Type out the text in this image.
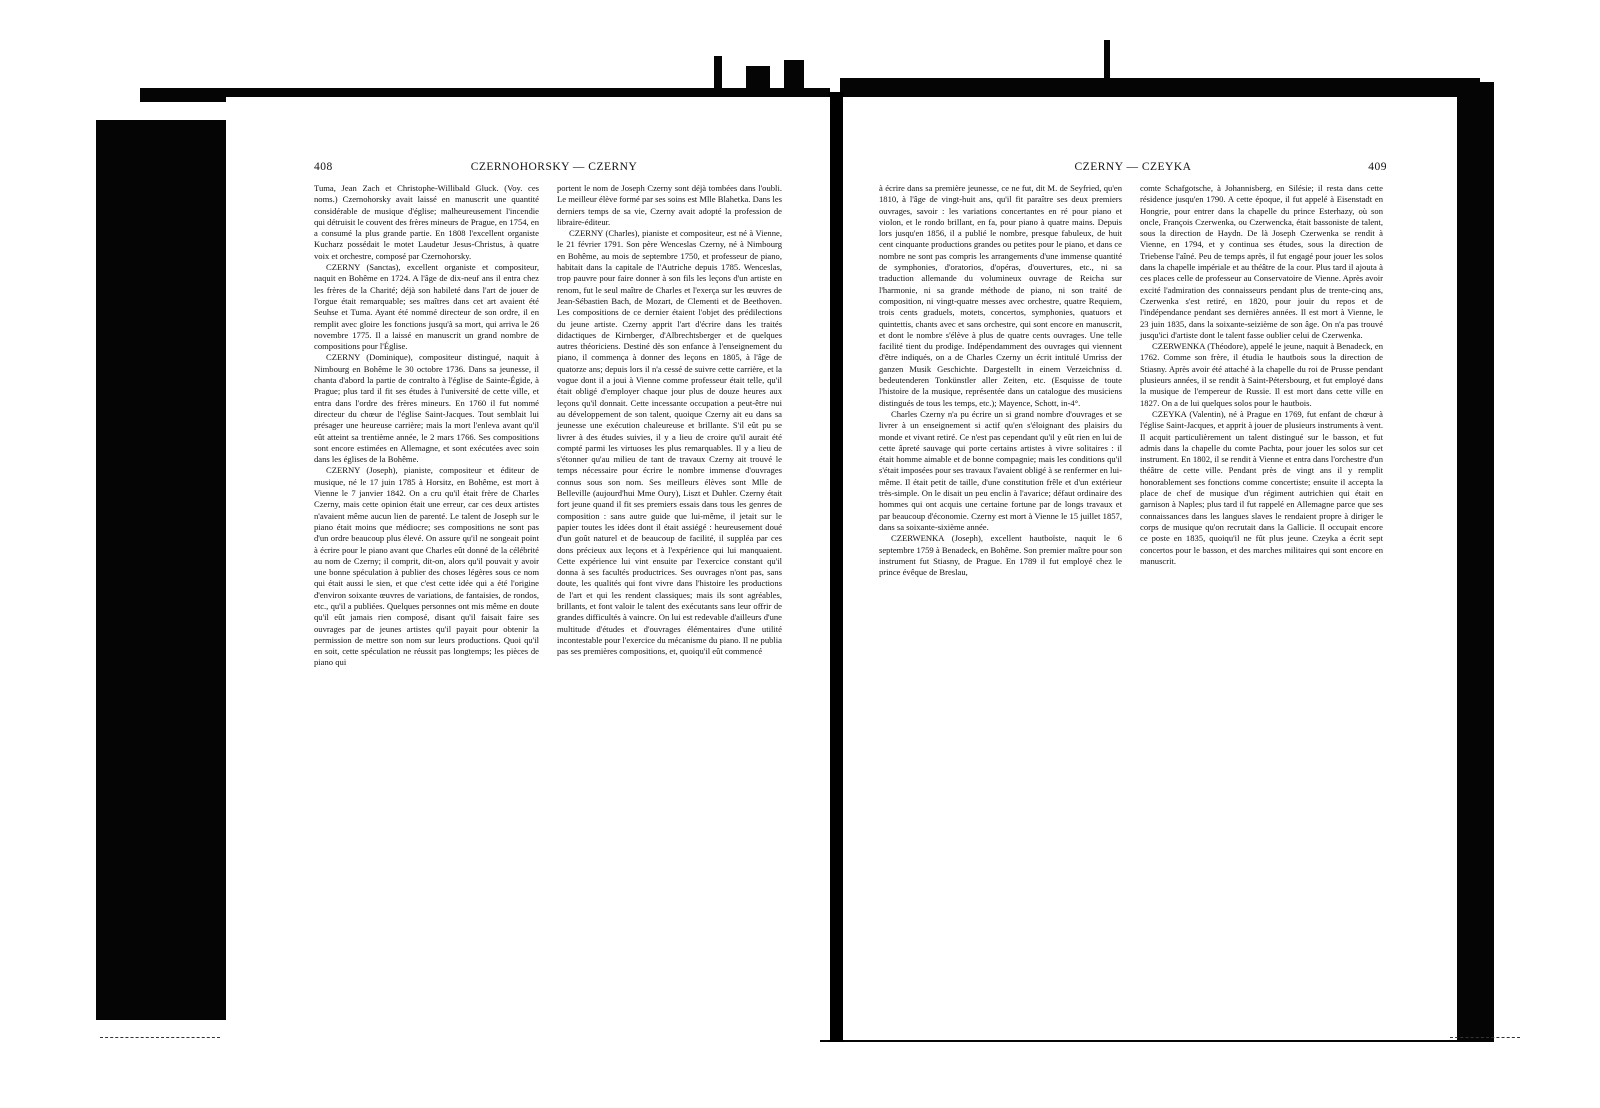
408	CZERNOHORSKY — CZERNY

Tuma, Jean Zach et Christophe-Willibald Gluck. (Voy. ces noms.) Czernohorsky avait laissé en manuscrit une quantité considérable de musique d'église; malheureusement l'incendie qui détruisit le couvent des frères mineurs de Prague, en 1754, en a consumé la plus grande partie. En 1808 l'excellent organiste Kucharz possédait le motet Laudetur Jesus-Christus, à quatre voix et orchestre, composé par Czernohorsky.

CZERNY (Sanctas), excellent organiste et compositeur, naquit en Bohême en 1724. A l'âge de dix-neuf ans il entra chez les frères de la Charité; déjà son habileté dans l'art de jouer de l'orgue était remarquable; ses maîtres dans cet art avaient été Seuhse et Tuma. Ayant été nommé directeur de son ordre, il en remplit avec gloire les fonctions jusqu'à sa mort, qui arriva le 26 novembre 1775. Il a laissé en manuscrit un grand nombre de compositions pour l'Église.

CZERNY (Dominique), compositeur distingué, naquit à Nimbourg en Bohême le 30 octobre 1736. Dans sa jeunesse, il chanta d'abord la partie de contralto à l'église de Sainte-Égide, à Prague; plus tard il fit ses études à l'université de cette ville, et entra dans l'ordre des frères mineurs. En 1760 il fut nommé directeur du chœur de l'église Saint-Jacques. Tout semblait lui présager une heureuse carrière; mais la mort l'enleva avant qu'il eût atteint sa trentième année, le 2 mars 1766. Ses compositions sont encore estimées en Allemagne, et sont exécutées avec soin dans les églises de la Bohême.

CZERNY (Joseph), pianiste, compositeur et éditeur de musique, né le 17 juin 1785 à Horsitz, en Bohême, est mort à Vienne le 7 janvier 1842. On a cru qu'il était frère de Charles Czerny, mais cette opinion était une erreur, car ces deux artistes n'avaient même aucun lien de parenté. Le talent de Joseph sur le piano était moins que médiocre; ses compositions ne sont pas d'un ordre beaucoup plus élevé. On assure qu'il ne songeait point à écrire pour le piano avant que Charles eût donné de la célébrité au nom de Czerny; il comprit, dit-on, alors qu'il pouvait y avoir une bonne spéculation à publier des choses légères sous ce nom qui était aussi le sien, et que c'est cette idée qui a été l'origine d'environ soixante œuvres de variations, de fantaisies, de rondos, etc., qu'il a publiées. Quelques personnes ont mis même en doute qu'il eût jamais rien composé, disant qu'il faisait faire ses ouvrages par de jeunes artistes qu'il payait pour obtenir la permission de mettre son nom sur leurs productions. Quoi qu'il en soit, cette spéculation ne réussit pas longtemps; les pièces de piano qui

portent le nom de Joseph Czerny sont déjà tombées dans l'oubli. Le meilleur élève formé par ses soins est Mlle Blahetka. Dans les derniers temps de sa vie, Czerny avait adopté la profession de libraire-éditeur.

CZERNY (Charles), pianiste et compositeur, est né à Vienne, le 21 février 1791. Son père Wenceslas Czerny, né à Nimbourg en Bohême, au mois de septembre 1750, et professeur de piano, habitait dans la capitale de l'Autriche depuis 1785. Wenceslas, trop pauvre pour faire donner à son fils les leçons d'un artiste en renom, fut le seul maître de Charles et l'exerça sur les œuvres de Jean-Sébastien Bach, de Mozart, de Clementi et de Beethoven. Les compositions de ce dernier étaient l'objet des prédilections du jeune artiste. Czerny apprit l'art d'écrire dans les traités didactiques de Kirnberger, d'Albrechtsberger et de quelques autres théoriciens. Destiné dès son enfance à l'enseignement du piano, il commença à donner des leçons en 1805, à l'âge de quatorze ans; depuis lors il n'a cessé de suivre cette carrière, et la vogue dont il a joui à Vienne comme professeur était telle, qu'il était obligé d'employer chaque jour plus de douze heures aux leçons qu'il donnait. Cette incessante occupation a peut-être nui au développement de son talent, quoique Czerny ait eu dans sa jeunesse une exécution chaleureuse et brillante. S'il eût pu se livrer à des études suivies, il y a lieu de croire qu'il aurait été compté parmi les virtuoses les plus remarquables. Il y a lieu de s'étonner qu'au milieu de tant de travaux Czerny ait trouvé le temps nécessaire pour écrire le nombre immense d'ouvrages connus sous son nom. Ses meilleurs élèves sont Mlle de Belleville (aujourd'hui Mme Oury), Liszt et Duhler. Czerny était fort jeune quand il fit ses premiers essais dans tous les genres de composition : sans autre guide que lui-même, il jetait sur le papier toutes les idées dont il était assiégé : heureusement doué d'un goût naturel et de beaucoup de facilité, il suppléa par ces dons précieux aux leçons et à l'expérience qui lui manquaient. Cette expérience lui vint ensuite par l'exercice constant qu'il donna à ses facultés productrices. Ses ouvrages n'ont pas, sans doute, les qualités qui font vivre dans l'histoire les productions de l'art et qui les rendent classiques; mais ils sont agréables, brillants, et font valoir le talent des exécutants sans leur offrir de grandes difficultés à vaincre. On lui est redevable d'ailleurs d'une multitude d'études et d'ouvrages élémentaires d'une utilité incontestable pour l'exercice du mécanisme du piano. Il ne publia pas ses premières compositions, et, quoiqu'il eût commencé

CZERNY — CZEYKA	409

à écrire dans sa première jeunesse, ce ne fut, dit M. de Seyfried, qu'en 1810, à l'âge de vingt-huit ans, qu'il fit paraître ses deux premiers ouvrages, savoir : les variations concertantes en ré pour piano et violon, et le rondo brillant, en fa, pour piano à quatre mains. Depuis lors jusqu'en 1856, il a publié le nombre, presque fabuleux, de huit cent cinquante productions grandes ou petites pour le piano, et dans ce nombre ne sont pas compris les arrangements d'une immense quantité de symphonies, d'oratorios, d'opéras, d'ouvertures, etc., ni sa traduction allemande du volumineux ouvrage de Reicha sur l'harmonie, ni sa grande méthode de piano, ni son traité de composition, ni vingt-quatre messes avec orchestre, quatre Requiem, trois cents graduels, motets, concertos, symphonies, quatuors et quintettis, chants avec et sans orchestre, qui sont encore en manuscrit, et dont le nombre s'élève à plus de quatre cents ouvrages. Une telle facilité tient du prodige. Indépendamment des ouvrages qui viennent d'être indiqués, on a de Charles Czerny un écrit intitulé Umriss der ganzen Musik Geschichte. Dargestellt in einem Verzeichniss d. bedeutenderen Tonkünstler aller Zeiten, etc. (Esquisse de toute l'histoire de la musique, représentée dans un catalogue des musiciens distingués de tous les temps, etc.); Mayence, Schott, in-4°.

Charles Czerny n'a pu écrire un si grand nombre d'ouvrages et se livrer à un enseignement si actif qu'en s'éloignant des plaisirs du monde et vivant retiré. Ce n'est pas cependant qu'il y eût rien en lui de cette âpreté sauvage qui porte certains artistes à vivre solitaires : il était homme aimable et de bonne compagnie; mais les conditions qu'il s'était imposées pour ses travaux l'avaient obligé à se renfermer en lui-même. Il était petit de taille, d'une constitution frêle et d'un extérieur très-simple. On le disait un peu enclin à l'avarice; défaut ordinaire des hommes qui ont acquis une certaine fortune par de longs travaux et par beaucoup d'économie. Czerny est mort à Vienne le 15 juillet 1857, dans sa soixante-sixième année.

CZERWENKA (Joseph), excellent hautboïste, naquit le 6 septembre 1759 à Benadeck, en Bohême. Son premier maître pour son instrument fut Stiasny, de Prague. En 1789 il fut employé chez le prince évêque de Breslau,

comte Schafgotsche, à Johannisberg, en Silésie; il resta dans cette résidence jusqu'en 1790. A cette époque, il fut appelé à Eisenstadt en Hongrie, pour entrer dans la chapelle du prince Esterhazy, où son oncle, François Czerwenka, ou Czerwencka, était bassoniste de talent, sous la direction de Haydn. De là Joseph Czerwenka se rendit à Vienne, en 1794, et y continua ses études, sous la direction de Triebense l'aîné. Peu de temps après, il fut engagé pour jouer les solos dans la chapelle impériale et au théâtre de la cour. Plus tard il ajouta à ces places celle de professeur au Conservatoire de Vienne. Après avoir excité l'admiration des connaisseurs pendant plus de trente-cinq ans, Czerwenka s'est retiré, en 1820, pour jouir du repos et de l'indépendance pendant ses dernières années. Il est mort à Vienne, le 23 juin 1835, dans la soixante-seizième de son âge. On n'a pas trouvé jusqu'ici d'artiste dont le talent fasse oublier celui de Czerwenka.

CZERWENKA (Théodore), appelé le jeune, naquit à Benadeck, en 1762. Comme son frère, il étudia le hautbois sous la direction de Stiasny. Après avoir été attaché à la chapelle du roi de Prusse pendant plusieurs années, il se rendit à Saint-Pétersbourg, et fut employé dans la musique de l'empereur de Russie. Il est mort dans cette ville en 1827. On a de lui quelques solos pour le hautbois.

CZEYKA (Valentin), né à Prague en 1769, fut enfant de chœur à l'église Saint-Jacques, et apprit à jouer de plusieurs instruments à vent. Il acquit particulièrement un talent distingué sur le basson, et fut admis dans la chapelle du comte Pachta, pour jouer les solos sur cet instrument. En 1802, il se rendit à Vienne et entra dans l'orchestre d'un théâtre de cette ville. Pendant près de vingt ans il y remplit honorablement ses fonctions comme concertiste; ensuite il accepta la place de chef de musique d'un régiment autrichien qui était en garnison à Naples; plus tard il fut rappelé en Allemagne parce que ses connaissances dans les langues slaves le rendaient propre à diriger le corps de musique qu'on recrutait dans la Gallicie. Il occupait encore ce poste en 1835, quoiqu'il ne fût plus jeune. Czeyka a écrit sept concertos pour le basson, et des marches militaires qui sont encore en manuscrit.
